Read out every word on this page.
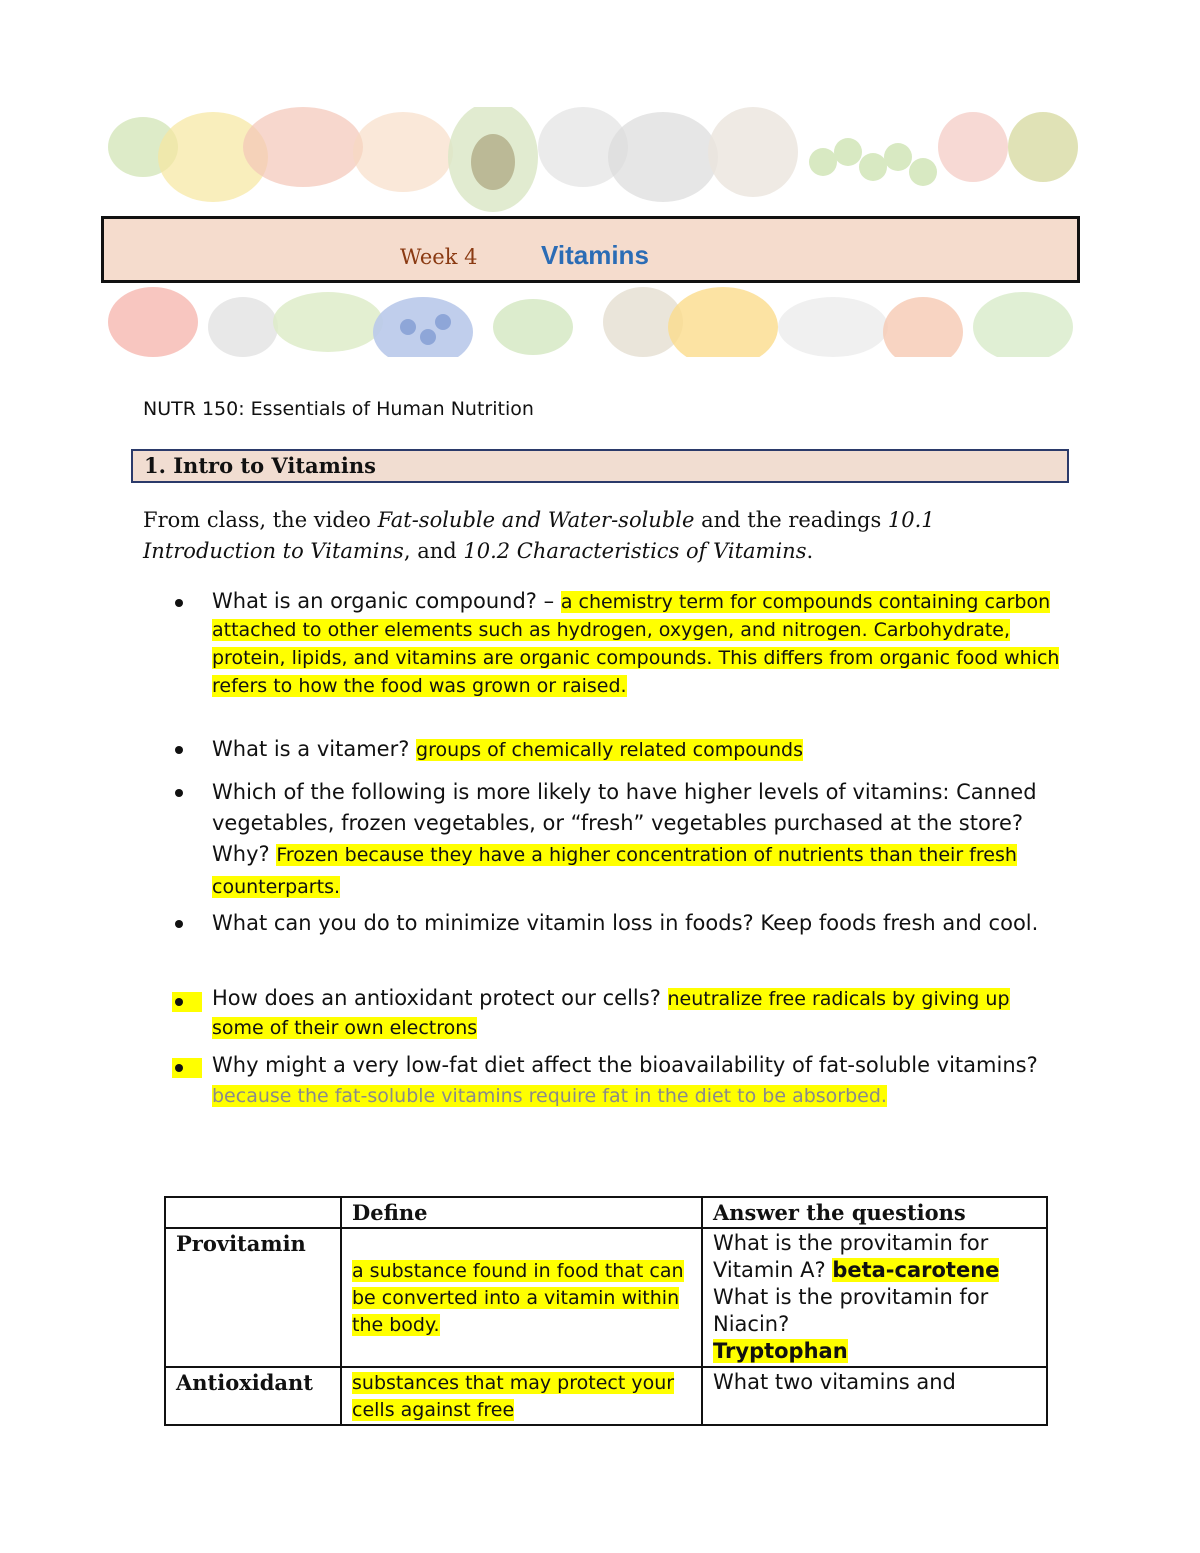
Week 4 Vitamins
NUTR 150: Essentials of Human Nutrition
1. Intro to Vitamins
From class, the video Fat-soluble and Water-soluble and the readings 10.1 Introduction to Vitamins, and 10.2 Characteristics of Vitamins.
What is an organic compound? – a chemistry term for compounds containing carbon attached to other elements such as hydrogen, oxygen, and nitrogen. Carbohydrate, protein, lipids, and vitamins are organic compounds. This differs from organic food which refers to how the food was grown or raised.
What is a vitamer? groups of chemically related compounds
Which of the following is more likely to have higher levels of vitamins: Canned vegetables, frozen vegetables, or “fresh” vegetables purchased at the store? Why? Frozen because they have a higher concentration of nutrients than their fresh counterparts.
What can you do to minimize vitamin loss in foods? Keep foods fresh and cool.
How does an antioxidant protect our cells? neutralize free radicals by giving up some of their own electrons
Why might a very low-fat diet affect the bioavailability of fat-soluble vitamins? because the fat-soluble vitamins require fat in the diet to be absorbed.
	Define	Answer the questions
Provitamin	a substance found in food that can be converted into a vitamin within the body.	What is the provitamin for Vitamin A? beta-carotene
What is the provitamin for Niacin?
Tryptophan
Antioxidant	substances that may protect your cells against free	What two vitamins and
